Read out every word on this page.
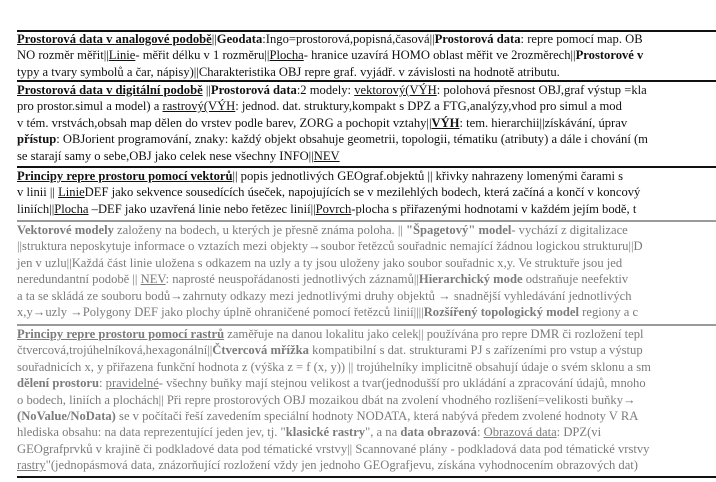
Prostorová data v analogové podobě||Geodata:Ingo=prostorová,popisná,časová||Prostorová data: repre pomocí map. OB
NO rozměr měřit||Linie- měřit délku v 1 rozměru||Plocha- hranice uzavírá HOMO oblast měřit ve 2rozměrech||Prostorové v
typy a tvary symbolů a čar, nápisy)||Charakteristika OBJ repre graf. vyjádř. v závislosti na hodnotě atributu.
Prostorová data v digitální podobě ||Prostorová data:2 modely: vektorový(VÝH: polohová přesnost OBJ,graf výstup =kla
pro prostor.simul a model) a rastrový(VÝH: jednod. dat. struktury,kompakt s DPZ a FTG,analýzy,vhod pro simul a mod
v tém. vrstvách,obsah map dělen do vrstev podle barev, ZORG a pochopit vztahy||VÝH: tem. hierarchii||získávání, úprav
přístup: OBJorient programování, znaky: každý objekt obsahuje geometrii, topologii, tématiku (atributy) a dále i chování (m
se starají samy o sebe,OBJ jako celek nese všechny INFO||NEV
Principy repre prostoru pomocí vektorů|| popis jednotlivých GEOgraf.objektů || křivky nahrazeny lomenými čarami s
v linii || LinieDEF jako sekvence sousedících úseček, napojujících se v mezilehlých bodech, která začíná a končí v koncový
liniích||Plocha –DEF jako uzavřená linie nebo řetězec linií||Povrch-plocha s přiřazenými hodnotami v každém jejím bodě, t
Vektorové modely založeny na bodech, u kterých je přesně známa poloha. || "Špagetový" model- vychází z digitalizace
||struktura neposkytuje informace o vztazích mezi objekty→soubor řetězců souřadnic nemající žádnou logickou strukturu||D
jen v uzlu||Každá část linie uložena s odkazem na uzly a ty jsou uloženy jako soubor souřadnic x,y. Ve struktuře jsou jed
neredundantní podobě || NEV: naprosté neuspořádanosti jednotlivých záznamů||Hierarchický mode odstraňuje neefektiv
a ta se skládá ze souboru bodů→zahrnuty odkazy mezi jednotlivými druhy objektů → snadnější vyhledávání jednotlivých
x,y→uzly →Polygony DEF jako plochy úplně ohraničené pomocí řetězců linií||||Rozšířený topologický model regiony a c
Principy repre prostoru pomocí rastrů zaměřuje na danou lokalitu jako celek|| používána pro repre DMR či rozložení tepl
čtvercová,trojúhelníková,hexagonální||Čtvercová mřížka kompatibilní s dat. strukturami PJ s zařízeními pro vstup a výstup
souřadnicích x, y přiřazena funkční hodnota z (výška z = f (x, y)) || trojúhelníky implicitně obsahují údaje o svém sklonu a sm
dělení prostoru: pravidelné- všechny buňky mají stejnou velikost a tvar(jednodušší pro ukládání a zpracování údajů, mnoho
o bodech, liniích a plochách|| Při repre prostorových OBJ mozaikou dbát na zvolení vhodného rozlišení=velikosti buňky→
(NoValue/NoData) se v počítači řeší zavedením speciální hodnoty NODATA, která nabývá předem zvolené hodnoty V RA
hlediska obsahu: na data reprezentující jeden jev, tj. "klasické rastry", a na data obrazová: Obrazová data: DPZ(vi
GEOgrafprvků v krajině či podkladové data pod tématické vrstvy|| Scannované plány - podkladová data pod tématické vrstvy
rastry"(jednopásmová data, znázorňující rozložení vždy jen jednoho GEOgrafjevu, získána vyhodnocením obrazových dat)
